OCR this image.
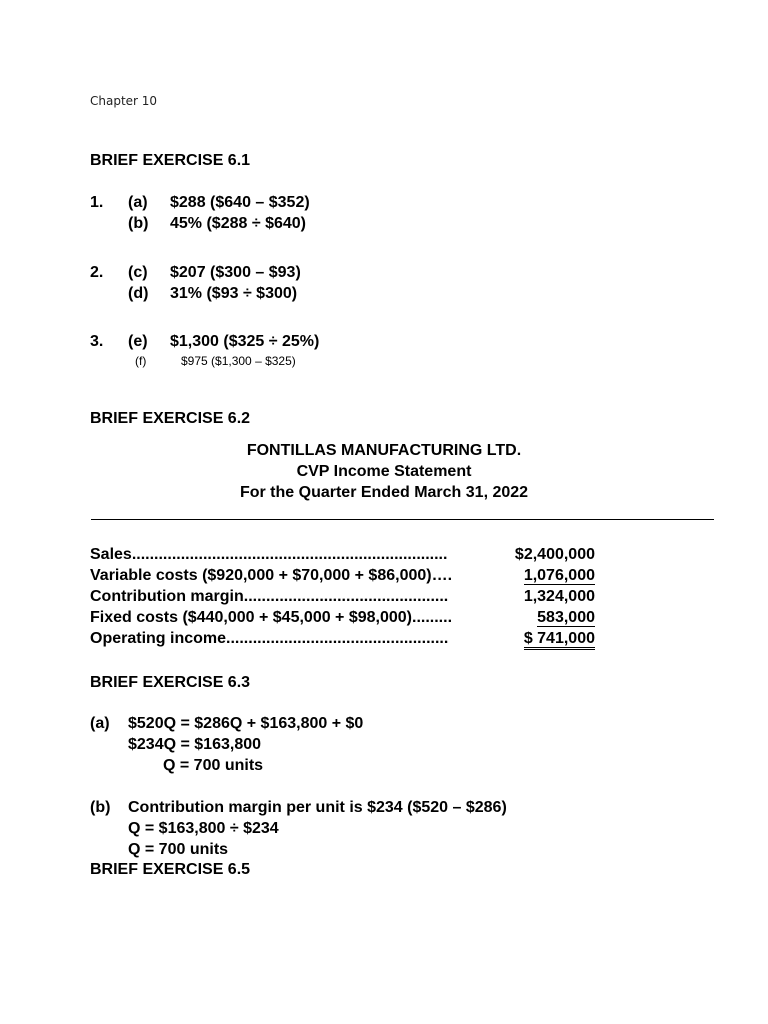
Chapter 10
BRIEF EXERCISE 6.1
1. (a) $288 ($640 – $352)
(b) 45% ($288 ÷ $640)
2. (c) $207 ($300 – $93)
(d) 31% ($93 ÷ $300)
3. (e) $1,300 ($325 ÷ 25%)
(f)	$975 ($1,300 – $325)
BRIEF EXERCISE 6.2
FONTILLAS MANUFACTURING LTD.
CVP Income Statement
For the Quarter Ended March 31, 2022
Sales.......................................................................	$2,400,000
Variable costs ($920,000 + $70,000 + $86,000)….	1,076,000
Contribution margin..............................................	1,324,000
Fixed costs ($440,000 + $45,000 + $98,000).........	583,000
Operating income..................................................	$ 741,000
BRIEF EXERCISE 6.3
(a) $520Q = $286Q + $163,800 + $0
$234Q = $163,800
Q = 700 units
(b) Contribution margin per unit is $234 ($520 – $286)
Q = $163,800 ÷ $234
Q = 700 units
BRIEF EXERCISE 6.5
